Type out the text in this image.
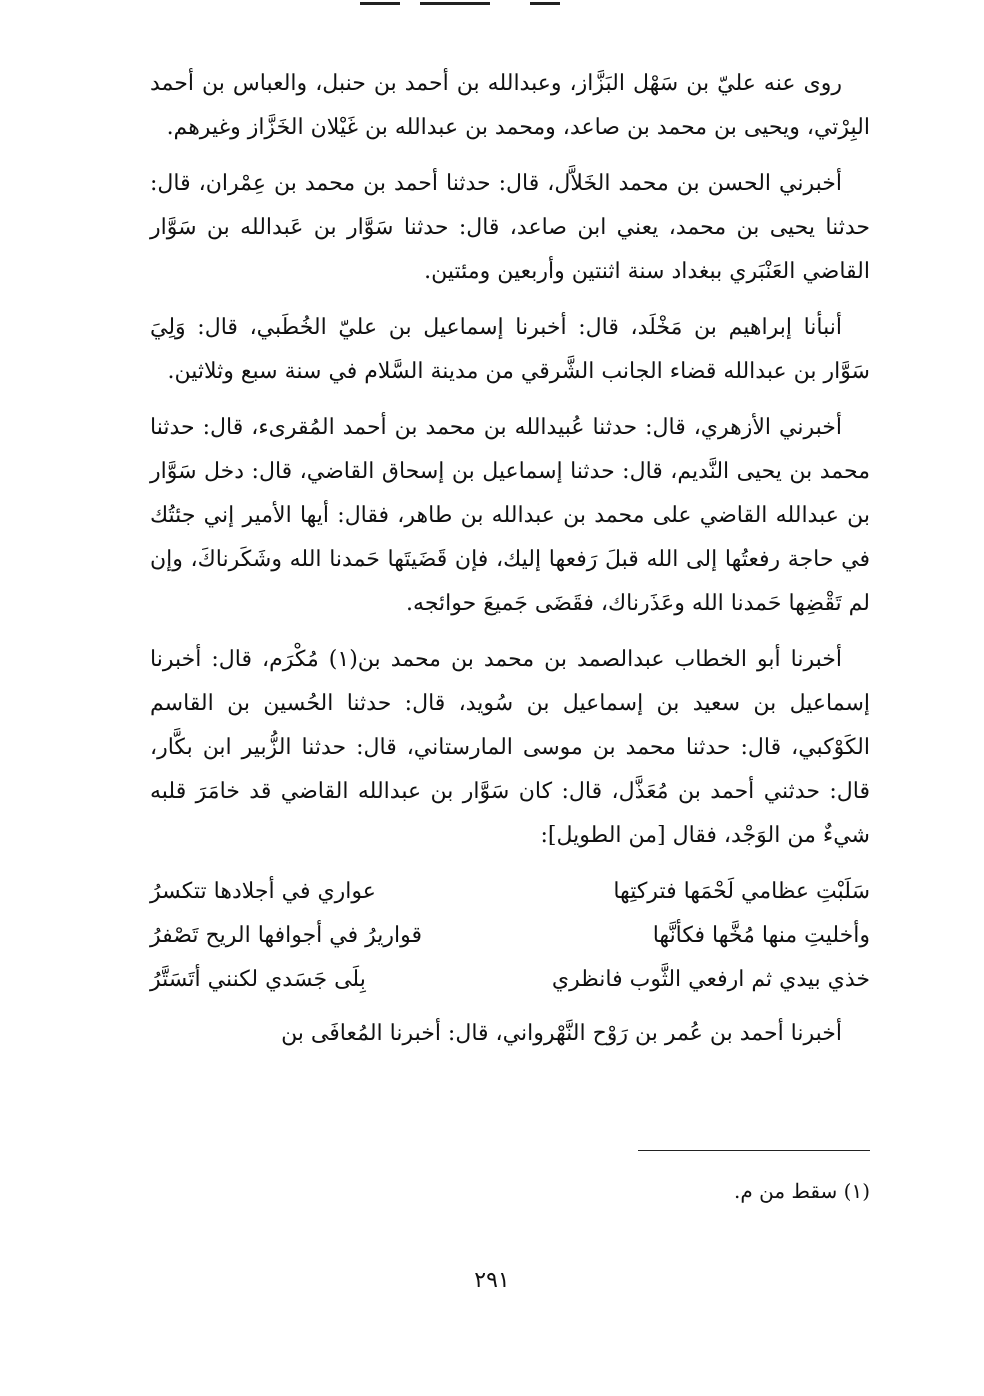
روى عنه عليّ بن سَهْل البَزَّاز، وعبدالله بن أحمد بن حنبل، والعباس بن أحمد البِرْتي، ويحيى بن محمد بن صاعد، ومحمد بن عبدالله بن غَيْلان الخَزَّاز وغيرهم.

أخبرني الحسن بن محمد الخَلاَّل، قال: حدثنا أحمد بن محمد بن عِمْران، قال: حدثنا يحيى بن محمد، يعني ابن صاعد، قال: حدثنا سَوَّار بن عَبدالله بن سَوَّار القاضي العَنْبَري ببغداد سنة اثنتين وأربعين ومئتين.

أنبأنا إبراهيم بن مَخْلَد، قال: أخبرنا إسماعيل بن عليّ الخُطَبي، قال: وَلِيَ سَوَّار بن عبدالله قضاء الجانب الشَّرقي من مدينة السَّلام في سنة سبع وثلاثين.

أخبرني الأزهري، قال: حدثنا عُبيدالله بن محمد بن أحمد المُقرىء، قال: حدثنا محمد بن يحيى النَّديم، قال: حدثنا إسماعيل بن إسحاق القاضي، قال: دخل سَوَّار بن عبدالله القاضي على محمد بن عبدالله بن طاهر، فقال: أيها الأمير إني جئتُك في حاجة رفعتُها إلى الله قبلَ رَفعها إليك، فإن قَضَيتَها حَمدنا الله وشَكَرناكَ، وإن لم تَقْضِها حَمدنا الله وعَذَرناك، فقَضَى جَميعَ حوائجه.

أخبرنا أبو الخطاب عبدالصمد بن محمد بن محمد بن(١) مُكْرَم، قال: أخبرنا إسماعيل بن سعيد بن إسماعيل بن سُويد، قال: حدثنا الحُسين بن القاسم الكَوْكبي، قال: حدثنا محمد بن موسى المارستاني، قال: حدثنا الزُّبير ابن بكَّار، قال: حدثني أحمد بن مُعَذَّل، قال: كان سَوَّار بن عبدالله القاضي قد خامَرَ قلبه شيءٌ من الوَجْد، فقال [من الطويل]:

سَلَبْتِ عظامي لَحْمَها فتركتِها
عواري في أجلادها تتكسرُ
وأخليتِ منها مُخَّها فكأنَّها
قواريرُ في أجوافها الريح تَصْفرُ
خذي بيدي ثم ارفعي الثَّوب فانظري
بِلَى جَسَدي لكنني أتَسَتَّرُ

أخبرنا أحمد بن عُمر بن رَوْح النَّهْرواني، قال: أخبرنا المُعافَى بن

(١) سقط من م.
٢٩١
